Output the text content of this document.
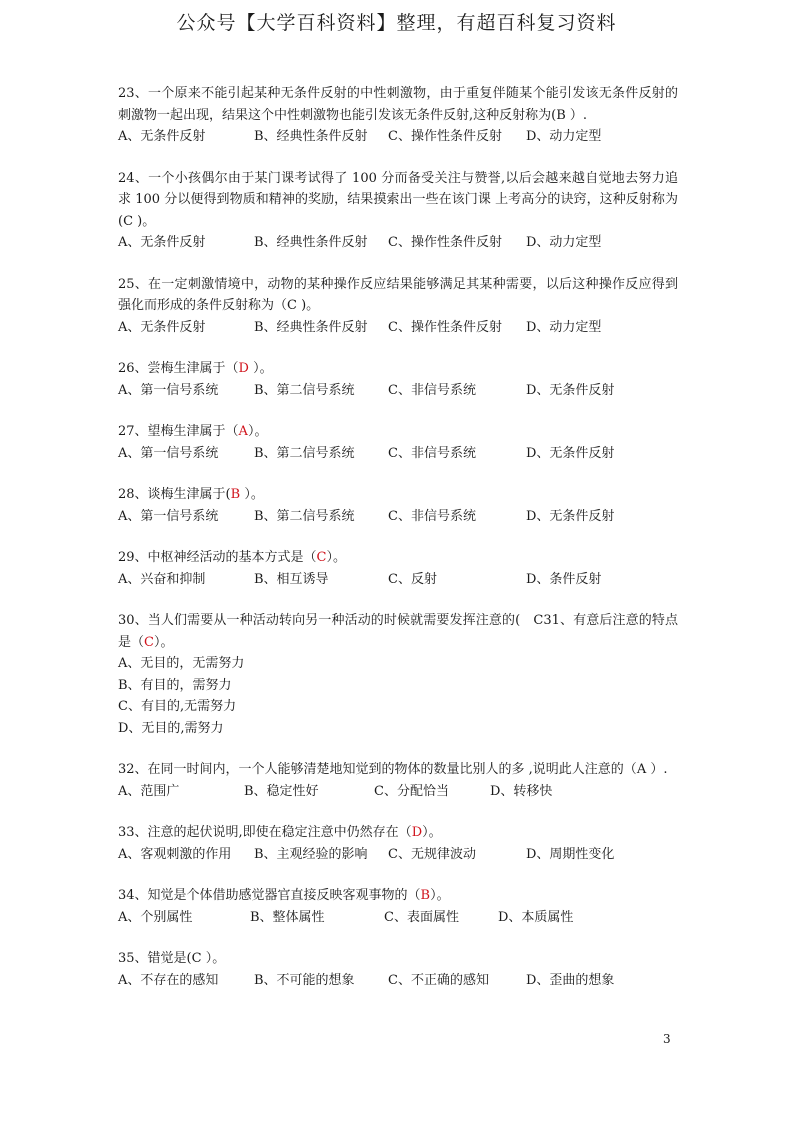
公众号【大学百科资料】整理，有超百科复习资料
23、一个原来不能引起某种无条件反射的中性刺激物，由于重复伴随某个能引发该无条件反射的刺激物一起出现，结果这个中性刺激物也能引发该无条件反射,这种反射称为(B ）.
A、无条件反射	B、经典性条件反射	C、操作性条件反射	D、动力定型
24、一个小孩偶尔由于某门课考试得了 100 分而备受关注与赞誉,以后会越来越自觉地去努力追求 100 分以便得到物质和精神的奖励，结果摸索出一些在该门课 上考高分的诀窍，这种反射称为(C )。
A、无条件反射	B、经典性条件反射	C、操作性条件反射	D、动力定型
25、在一定刺激情境中，动物的某种操作反应结果能够满足其某种需要，以后这种操作反应得到强化而形成的条件反射称为（C )。
A、无条件反射	B、经典性条件反射	C、操作性条件反射	D、动力定型
26、尝梅生津属于（D ）。
A、第一信号系统	B、第二信号系统	C、非信号系统	D、无条件反射
27、望梅生津属于（A）。
A、第一信号系统	B、第二信号系统	C、非信号系统	D、无条件反射
28、谈梅生津属于(B ）。
A、第一信号系统	B、第二信号系统	C、非信号系统	D、无条件反射
29、中枢神经活动的基本方式是（C）。
A、兴奋和抑制	B、相互诱导	C、反射	D、条件反射
30、当人们需要从一种活动转向另一种活动的时候就需要发挥注意的(　C31、有意后注意的特点是（C）。
A、无目的，无需努力
B、有目的，需努力
C、有目的,无需努力
D、无目的,需努力
32、在同一时间内，一个人能够清楚地知觉到的物体的数量比别人的多 ,说明此人注意的（A ）.
A、范围广	B、稳定性好	C、分配恰当	D、转移快
33、注意的起伏说明,即使在稳定注意中仍然存在（D）。
A、客观刺激的作用	B、主观经验的影响	C、无规律波动	D、周期性变化
34、知觉是个体借助感觉器官直接反映客观事物的（B）。
A、个别属性	B、整体属性	C、表面属性	D、本质属性
35、错觉是(C ）。
A、不存在的感知	B、不可能的想象	C、不正确的感知	D、歪曲的想象
3
